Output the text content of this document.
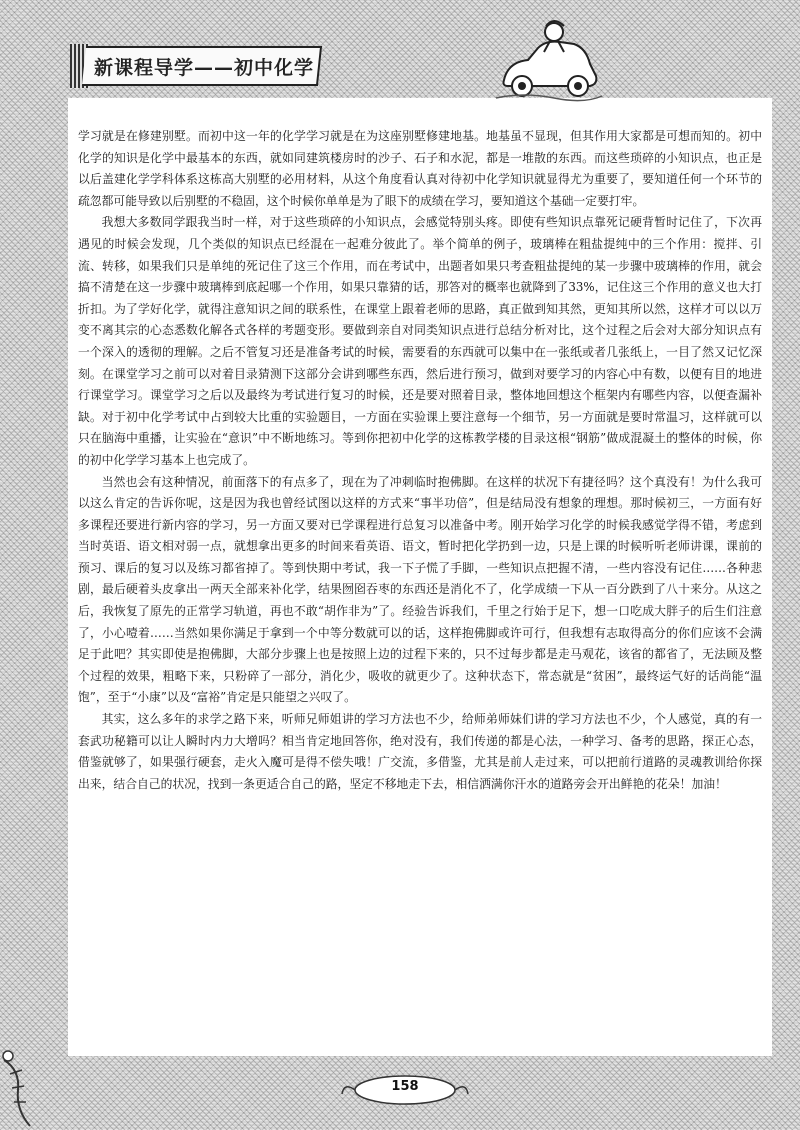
新课程导学——初中化学

学习就是在修建别墅。而初中这一年的化学学习就是在为这座别墅修建地基。地基虽不显现，但其作用大家都是可想而知的。初中化学的知识是化学中最基本的东西，就如同建筑楼房时的沙子、石子和水泥，都是一堆散的东西。而这些琐碎的小知识点，也正是以后盖建化学学科体系这栋高大别墅的必用材料，从这个角度看认真对待初中化学知识就显得尤为重要了，要知道任何一个环节的疏忽都可能导致以后别墅的不稳固，这个时候你单单是为了眼下的成绩在学习，要知道这个基础一定要打牢。

我想大多数同学跟我当时一样，对于这些琐碎的小知识点，会感觉特别头疼。即使有些知识点靠死记硬背暂时记住了，下次再遇见的时候会发现，几个类似的知识点已经混在一起难分彼此了。举个简单的例子，玻璃棒在粗盐提纯中的三个作用：搅拌、引流、转移，如果我们只是单纯的死记住了这三个作用，而在考试中，出题者如果只考查粗盐提纯的某一步骤中玻璃棒的作用，就会搞不清楚在这一步骤中玻璃棒到底起哪一个作用，如果只靠猜的话，那答对的概率也就降到了33%，记住这三个作用的意义也大打折扣。为了学好化学，就得注意知识之间的联系性，在课堂上跟着老师的思路，真正做到知其然，更知其所以然，这样才可以以万变不离其宗的心态悉数化解各式各样的考题变形。要做到亲自对同类知识点进行总结分析对比，这个过程之后会对大部分知识点有一个深入的透彻的理解。之后不管复习还是准备考试的时候，需要看的东西就可以集中在一张纸或者几张纸上，一目了然又记忆深刻。在课堂学习之前可以对着目录猜测下这部分会讲到哪些东西，然后进行预习，做到对要学习的内容心中有数，以便有目的地进行课堂学习。课堂学习之后以及最终为考试进行复习的时候，还是要对照着目录，整体地回想这个框架内有哪些内容，以便查漏补缺。对于初中化学考试中占到较大比重的实验题目，一方面在实验课上要注意每一个细节，另一方面就是要时常温习，这样就可以只在脑海中重播，让实验在“意识”中不断地练习。等到你把初中化学的这栋教学楼的目录这根“钢筋”做成混凝土的整体的时候，你的初中化学学习基本上也完成了。

当然也会有这种情况，前面落下的有点多了，现在为了冲刺临时抱佛脚。在这样的状况下有捷径吗？这个真没有！为什么我可以这么肯定的告诉你呢，这是因为我也曾经试图以这样的方式来“事半功倍”，但是结局没有想象的理想。那时候初三，一方面有好多课程还要进行新内容的学习，另一方面又要对已学课程进行总复习以准备中考。刚开始学习化学的时候我感觉学得不错，考虑到当时英语、语文相对弱一点，就想拿出更多的时间来看英语、语文，暂时把化学扔到一边，只是上课的时候听听老师讲课，课前的预习、课后的复习以及练习都省掉了。等到快期中考试，我一下子慌了手脚，一些知识点把握不清，一些内容没有记住……各种悲剧，最后硬着头皮拿出一两天全部来补化学，结果囫囵吞枣的东西还是消化不了，化学成绩一下从一百分跌到了八十来分。从这之后，我恢复了原先的正常学习轨道，再也不敢“胡作非为”了。经验告诉我们，千里之行始于足下，想一口吃成大胖子的后生们注意了，小心噎着……当然如果你满足于拿到一个中等分数就可以的话，这样抱佛脚或许可行，但我想有志取得高分的你们应该不会满足于此吧？其实即使是抱佛脚，大部分步骤上也是按照上边的过程下来的，只不过每步都是走马观花，该省的都省了，无法顾及整个过程的效果，粗略下来，只粉碎了一部分，消化少，吸收的就更少了。这种状态下，常态就是“贫困”，最终运气好的话尚能“温饱”，至于“小康”以及“富裕”肯定是只能望之兴叹了。

其实，这么多年的求学之路下来，听师兄师姐讲的学习方法也不少，给师弟师妹们讲的学习方法也不少，个人感觉，真的有一套武功秘籍可以让人瞬时内力大增吗？相当肯定地回答你，绝对没有，我们传递的都是心法，一种学习、备考的思路，探正心态，借鉴就够了，如果强行硬套，走火入魔可是得不偿失哦！广交流，多借鉴，尤其是前人走过来，可以把前行道路的灵魂教训给你探出来，结合自己的状况，找到一条更适合自己的路，坚定不移地走下去，相信洒满你汗水的道路旁会开出鲜艳的花朵！加油！

158
